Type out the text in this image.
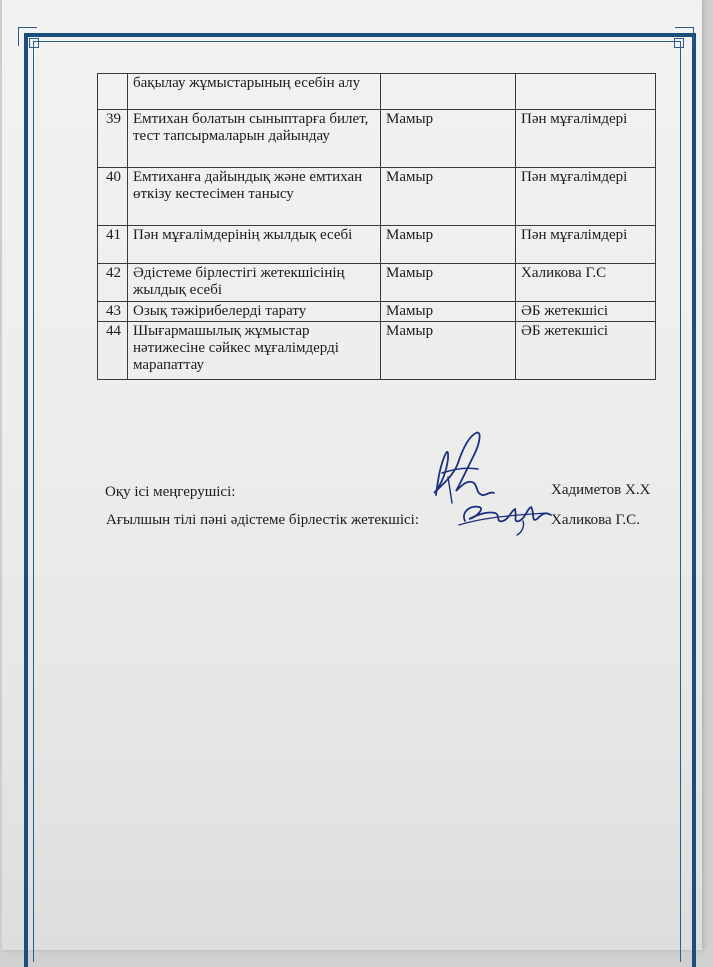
	бақылау жұмыстарының есебін алу		
39	Емтихан болатын сыныптарға билет, тест тапсырмаларын дайындау	Мамыр	Пән мұғалімдері
40	Емтиханға дайындық және емтихан өткізу кестесімен танысу	Мамыр	Пән мұғалімдері
41	Пән мұғалімдерінің жылдық есебі	Мамыр	Пән мұғалімдері
42	Әдістеме бірлестігі жетекшісінің жылдық есебі	Мамыр	Халикова Г.С
43	Озық тәжірибелерді тарату	Мамыр	ӘБ жетекшісі
44	Шығармашылық жұмыстар нәтижесіне сәйкес мұғалімдерді марапаттау	Мамыр	ӘБ жетекшісі
Оқу ісі меңгерушісі:	Хадиметов Х.Х
Ағылшын тілі пәні әдістеме бірлестік жетекшісі:	Халикова Г.С.
